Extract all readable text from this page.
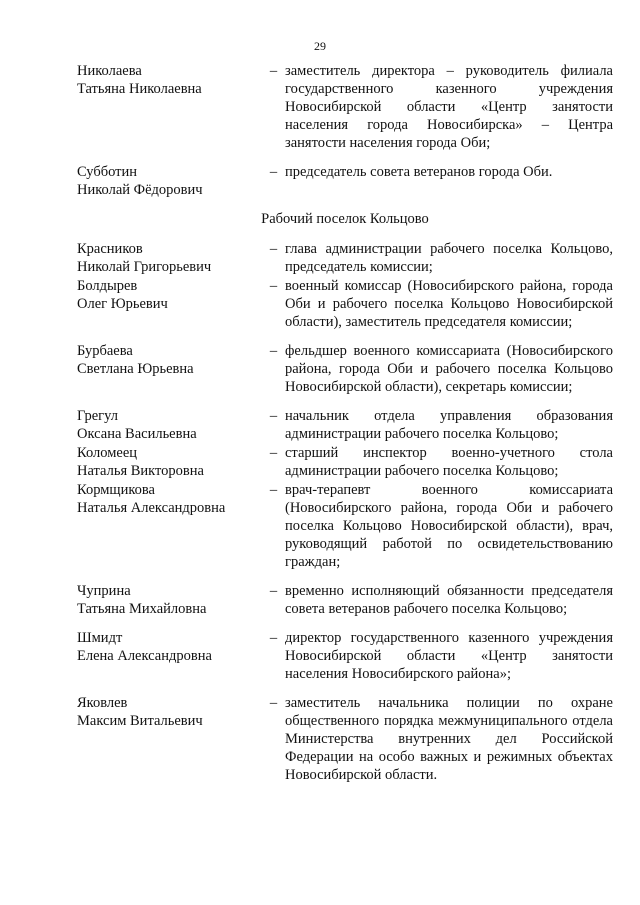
29
Николаева
Татьяна Николаевна
– заместитель директора – руководитель филиала государственного казенного учреждения Новосибирской области «Центр занятости населения города Новосибирска» – Центра занятости населения города Оби;
Субботин
Николай Фёдорович
– председатель совета ветеранов города Оби.
Рабочий поселок Кольцово
Красников
Николай Григорьевич
– глава администрации рабочего поселка Кольцово, председатель комиссии;
Болдырев
Олег Юрьевич
– военный комиссар (Новосибирского района, города Оби и рабочего поселка Кольцово Новосибирской области), заместитель председателя комиссии;
Бурбаева
Светлана Юрьевна
– фельдшер военного комиссариата (Новосибирского района, города Оби и рабочего поселка Кольцово Новосибирской области), секретарь комиссии;
Грегул
Оксана Васильевна
– начальник отдела управления образования администрации рабочего поселка Кольцово;
Коломеец
Наталья Викторовна
– старший инспектор военно-учетного стола администрации рабочего поселка Кольцово;
Кормщикова
Наталья Александровна
– врач-терапевт военного комиссариата (Новосибирского района, города Оби и рабочего поселка Кольцово Новосибирской области), врач, руководящий работой по освидетельствованию граждан;
Чуприна
Татьяна Михайловна
– временно исполняющий обязанности председателя совета ветеранов рабочего поселка Кольцово;
Шмидт
Елена Александровна
– директор государственного казенного учреждения Новосибирской области «Центр занятости населения Новосибирского района»;
Яковлев
Максим Витальевич
– заместитель начальника полиции по охране общественного порядка межмуниципального отдела Министерства внутренних дел Российской Федерации на особо важных и режимных объектах Новосибирской области.
